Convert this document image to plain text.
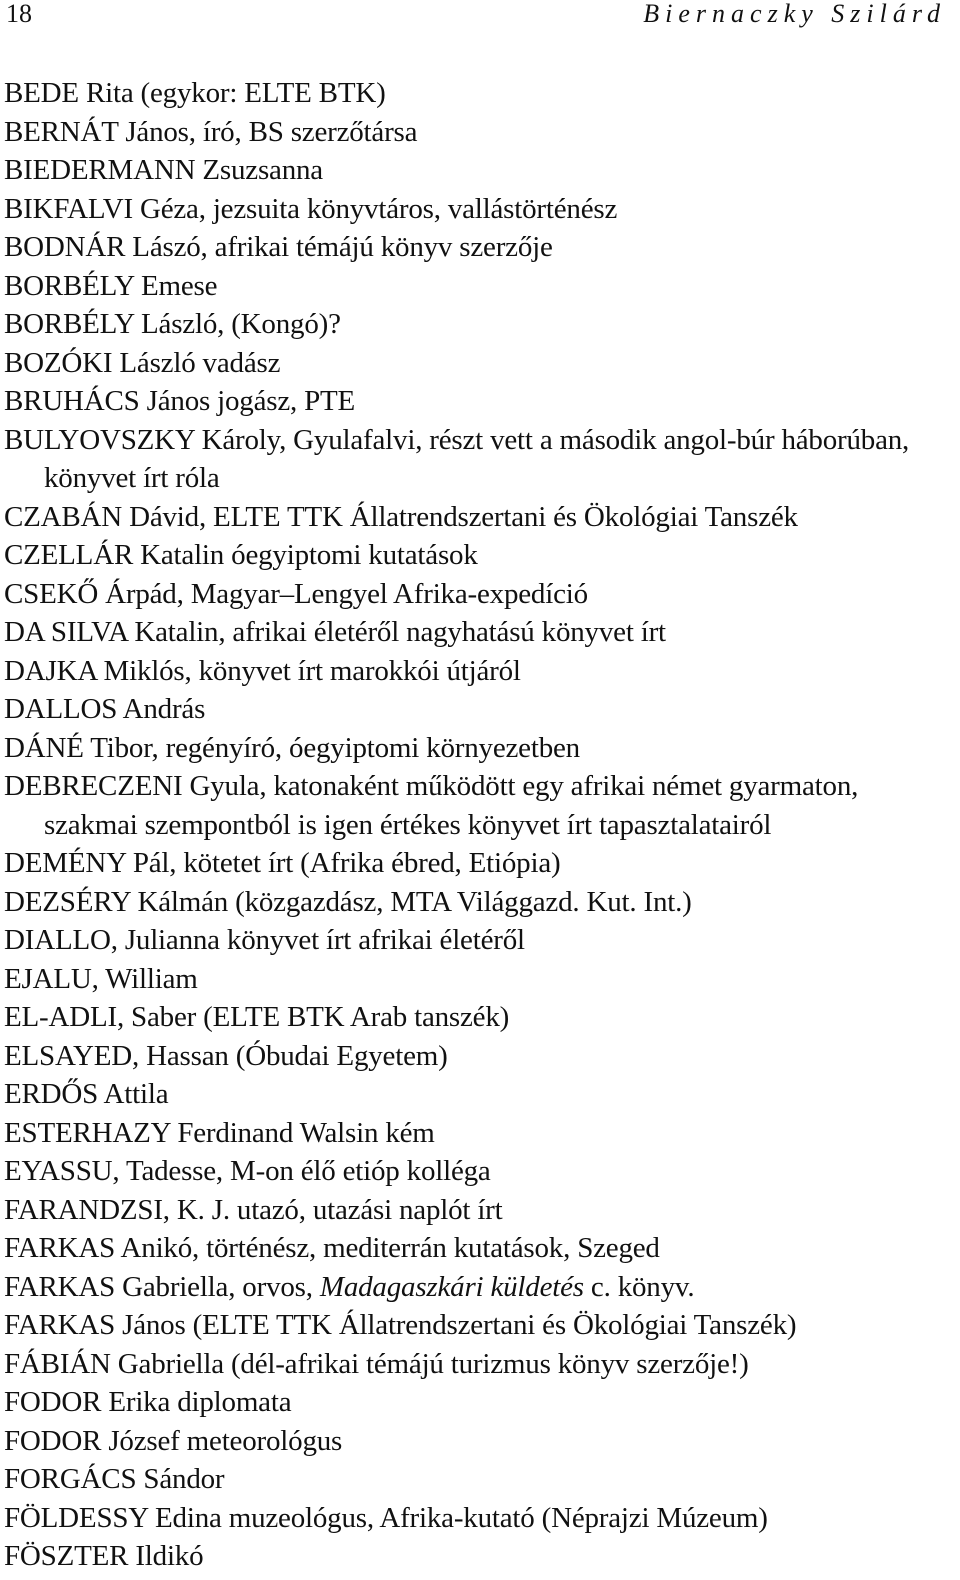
18	Biernaczky Szilárd
BEDE Rita (egykor: ELTE BTK)
BERNÁT János, író, BS szerzőtársa
BIEDERMANN Zsuzsanna
BIKFALVI Géza, jezsuita könyvtáros, vallástörténész
BODNÁR Lászó, afrikai témájú könyv szerzője
BORBÉLY Emese
BORBÉLY László, (Kongó)?
BOZÓKI László vadász
BRUHÁCS János jogász, PTE
BULYOVSZKY Károly, Gyulafalvi, részt vett a második angol-búr háborúban, könyvet írt róla
CZABÁN Dávid, ELTE TTK Állatrendszertani és Ökológiai Tanszék
CZELLÁR Katalin óegyiptomi kutatások
CSEKŐ Árpád, Magyar–Lengyel Afrika-expedíció
DA SILVA Katalin, afrikai életéről nagyhatású könyvet írt
DAJKA Miklós, könyvet írt marokkói útjáról
DALLOS András
DÁNÉ Tibor, regényíró, óegyiptomi környezetben
DEBRECZENI Gyula, katonaként működött egy afrikai német gyarmaton, szakmai szempontból is igen értékes könyvet írt tapasztalatairól
DEMÉNY Pál, kötetet írt (Afrika ébred, Etiópia)
DEZSÉRY Kálmán (közgazdász, MTA Világgazd. Kut. Int.)
DIALLO, Julianna könyvet írt afrikai életéről
EJALU, William
EL-ADLI, Saber (ELTE BTK Arab tanszék)
ELSAYED, Hassan (Óbudai Egyetem)
ERDŐS Attila
ESTERHAZY Ferdinand Walsin kém
EYASSU, Tadesse, M-on élő etióp kolléga
FARANDZSI, K. J. utazó, utazási naplót írt
FARKAS Anikó, történész, mediterrán kutatások, Szeged
FARKAS Gabriella, orvos, Madagaszkári küldetés c. könyv.
FARKAS János (ELTE TTK Állatrendszertani és Ökológiai Tanszék)
FÁBIÁN Gabriella (dél-afrikai témájú turizmus könyv szerzője!)
FODOR Erika diplomata
FODOR József meteorológus
FORGÁCS Sándor
FÖLDESSY Edina muzeológus, Afrika-kutató (Néprajzi Múzeum)
FÖSZTER Ildikó
